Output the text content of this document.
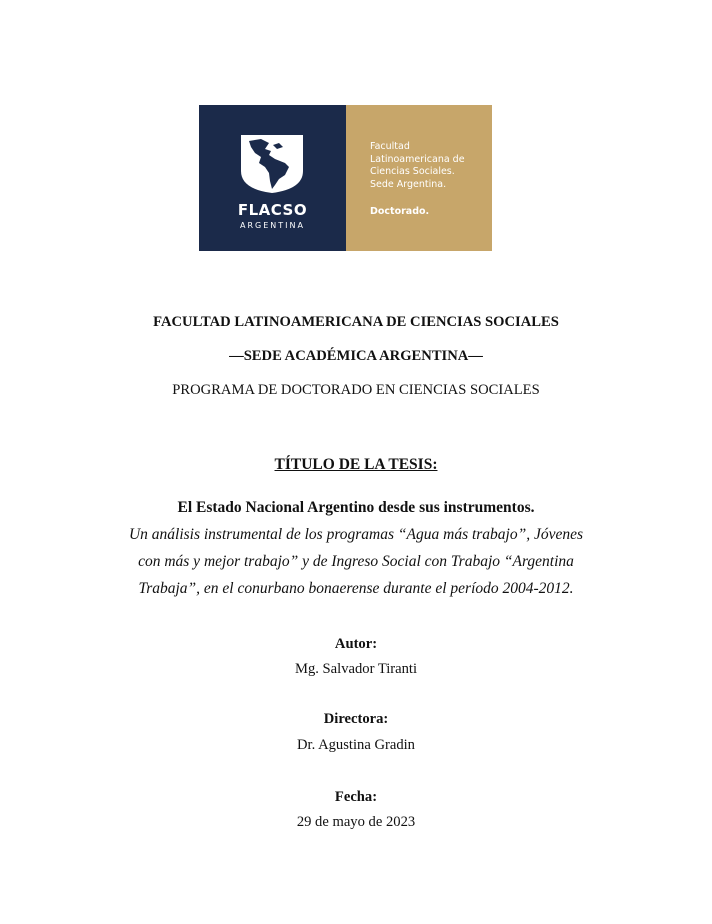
FLACSO
ARGENTINA
Facultad
Latinoamericana de
Ciencias Sociales.
Sede Argentina.
Doctorado.
FACULTAD LATINOAMERICANA DE CIENCIAS SOCIALES
—SEDE ACADÉMICA ARGENTINA—
PROGRAMA DE DOCTORADO EN CIENCIAS SOCIALES
TÍTULO DE LA TESIS:
El Estado Nacional Argentino desde sus instrumentos.
Un análisis instrumental de los programas “Agua más trabajo”, Jóvenes
con más y mejor trabajo” y de Ingreso Social con Trabajo “Argentina
Trabaja”, en el conurbano bonaerense durante el período 2004-2012.
Autor:
Mg. Salvador Tiranti
Directora:
Dr. Agustina Gradin
Fecha:
29 de mayo de 2023
